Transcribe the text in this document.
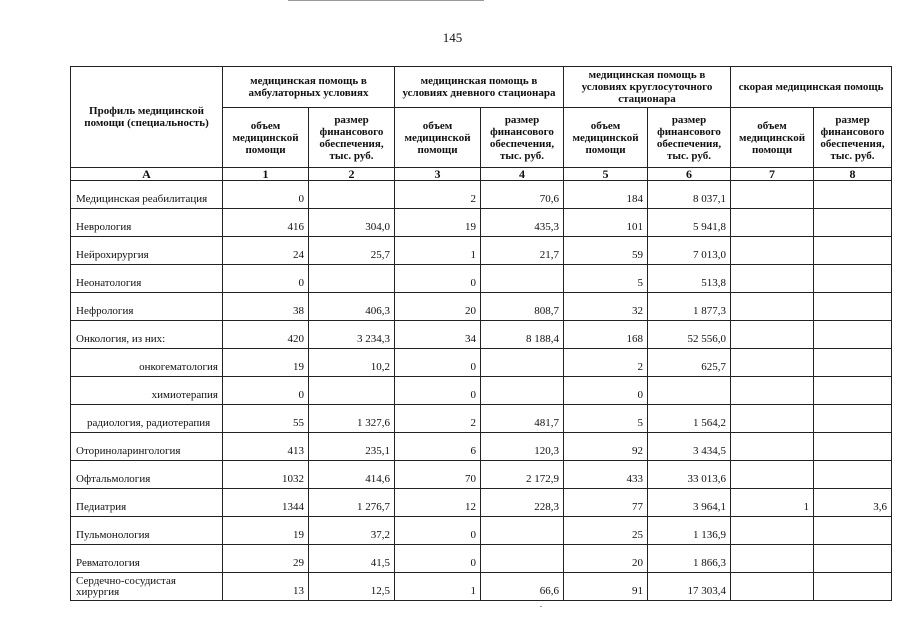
145
Профиль медицинской помощи (специальность)	медицинская помощь в амбулаторных условиях		медицинская помощь в условиях дневного стационара		медицинская помощь в условиях круглосуточного стационара		скорая медицинская помощь	
	объем медицинской помощи	размер финансового обеспечения, тыс. руб.	объем медицинской помощи	размер финансового обеспечения, тыс. руб.	объем медицинской помощи	размер финансового обеспечения, тыс. руб.	объем медицинской помощи	размер финансового обеспечения, тыс. руб.
А	1	2	3	4	5	6	7	8
Медицинская реабилитация	0		2	70,6	184	8 037,1		
Неврология	416	304,0	19	435,3	101	5 941,8		
Нейрохирургия	24	25,7	1	21,7	59	7 013,0		
Неонатология	0		0		5	513,8		
Нефрология	38	406,3	20	808,7	32	1 877,3		
Онкология, из них:	420	3 234,3	34	8 188,4	168	52 556,0		
онкогематология	19	10,2	0		2	625,7		
химиотерапия	0		0		0			
радиология, радиотерапия	55	1 327,6	2	481,7	5	1 564,2		
Оториноларингология	413	235,1	6	120,3	92	3 434,5		
Офтальмология	1032	414,6	70	2 172,9	433	33 013,6		
Педиатрия	1344	1 276,7	12	228,3	77	3 964,1	1	3,6
Пульмонология	19	37,2	0		25	1 136,9		
Ревматология	29	41,5	0		20	1 866,3		
Сердечно-сосудистая хирургия	13	12,5	1	66,6	91	17 303,4		
